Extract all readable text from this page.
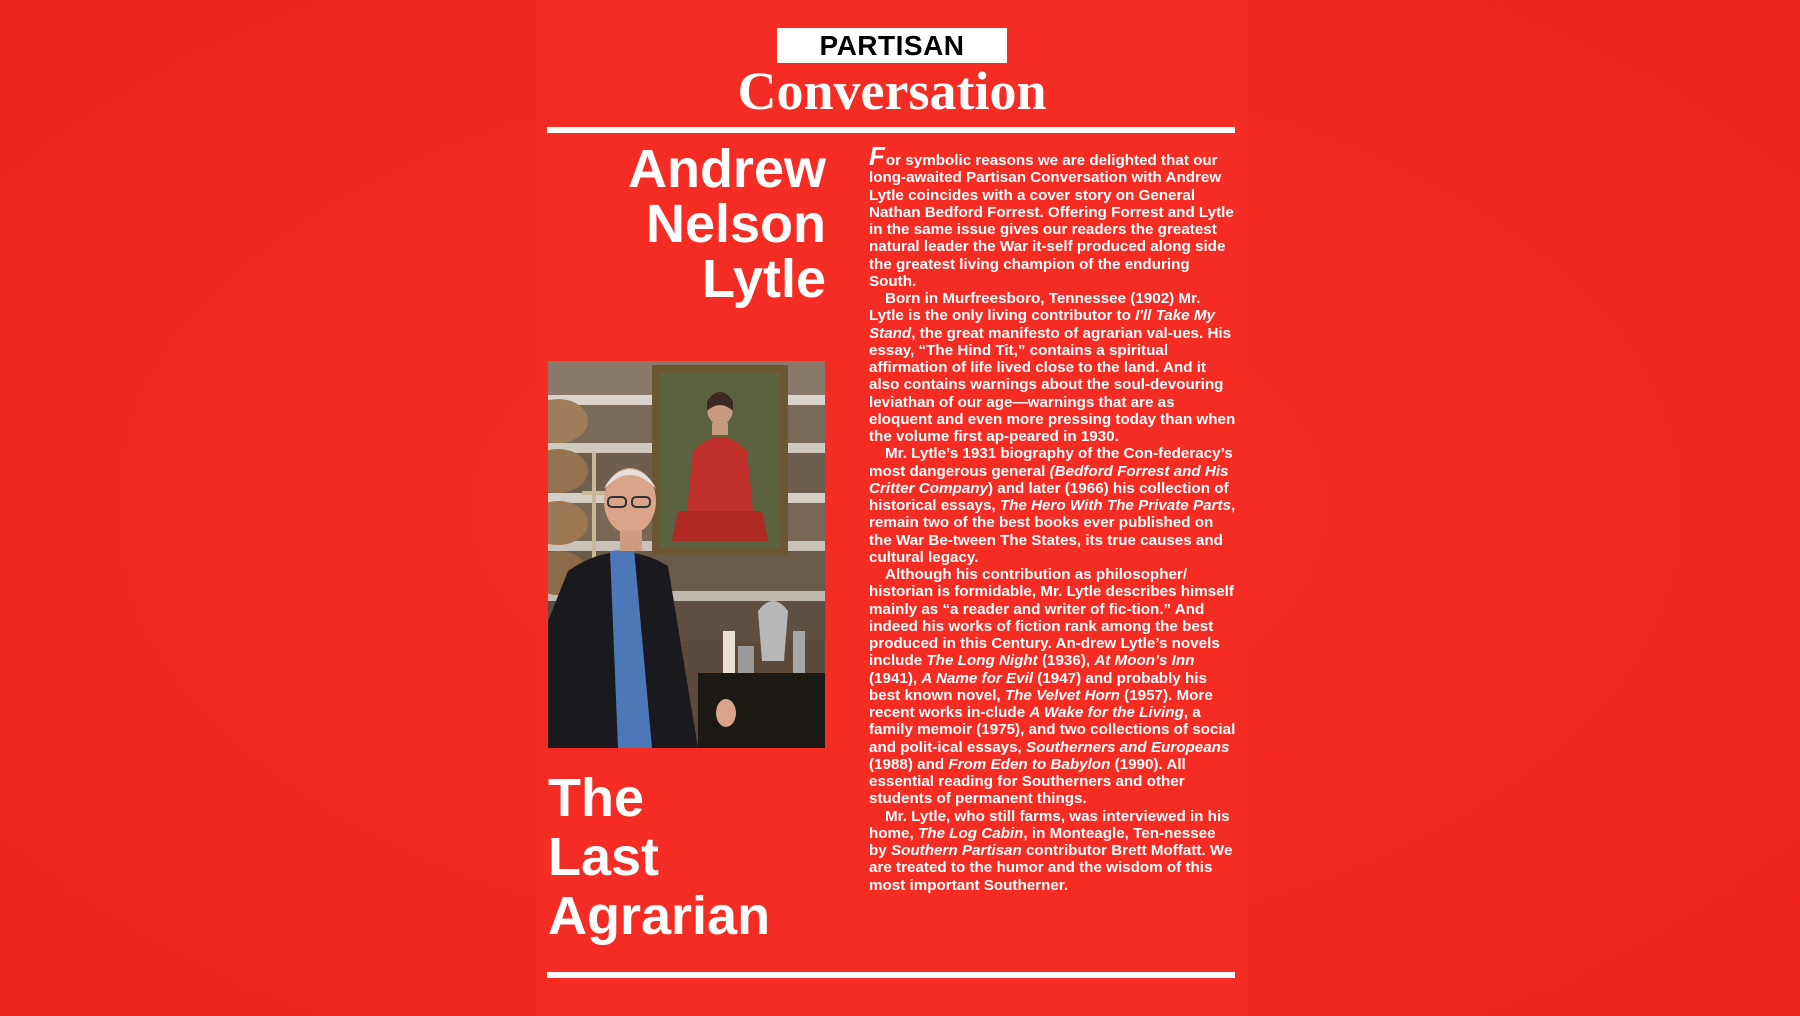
PARTISAN
Conversation
Andrew
Nelson
Lytle
The
Last
Agrarian

For symbolic reasons we are delighted that our long-awaited Partisan Conversation with Andrew Lytle coincides with a cover story on General Nathan Bedford Forrest. Offering Forrest and Lytle in the same issue gives our readers the greatest natural leader the War it-self produced along side the greatest living champion of the enduring South.

Born in Murfreesboro, Tennessee (1902) Mr. Lytle is the only living contributor to I'll Take My Stand, the great manifesto of agrarian val-ues. His essay, “The Hind Tit,” contains a spiritual affirmation of life lived close to the land. And it also contains warnings about the soul-devouring leviathan of our age—warnings that are as eloquent and even more pressing today than when the volume first ap-peared in 1930.

Mr. Lytle’s 1931 biography of the Con-federacy’s most dangerous general (Bedford Forrest and His Critter Company) and later (1966) his collection of historical essays, The Hero With The Private Parts, remain two of the best books ever published on the War Be-tween The States, its true causes and cultural legacy.

Although his contribution as philosopher/ historian is formidable, Mr. Lytle describes himself mainly as “a reader and writer of fic-tion.” And indeed his works of fiction rank among the best produced in this Century. An-drew Lytle’s novels include The Long Night (1936), At Moon’s Inn (1941), A Name for Evil (1947) and probably his best known novel, The Velvet Horn (1957). More recent works in-clude A Wake for the Living, a family memoir (1975), and two collections of social and polit-ical essays, Southerners and Europeans (1988) and From Eden to Babylon (1990). All essential reading for Southerners and other students of permanent things.

Mr. Lytle, who still farms, was interviewed in his home, The Log Cabin, in Monteagle, Ten-nessee by Southern Partisan contributor Brett Moffatt. We are treated to the humor and the wisdom of this most important Southerner.
